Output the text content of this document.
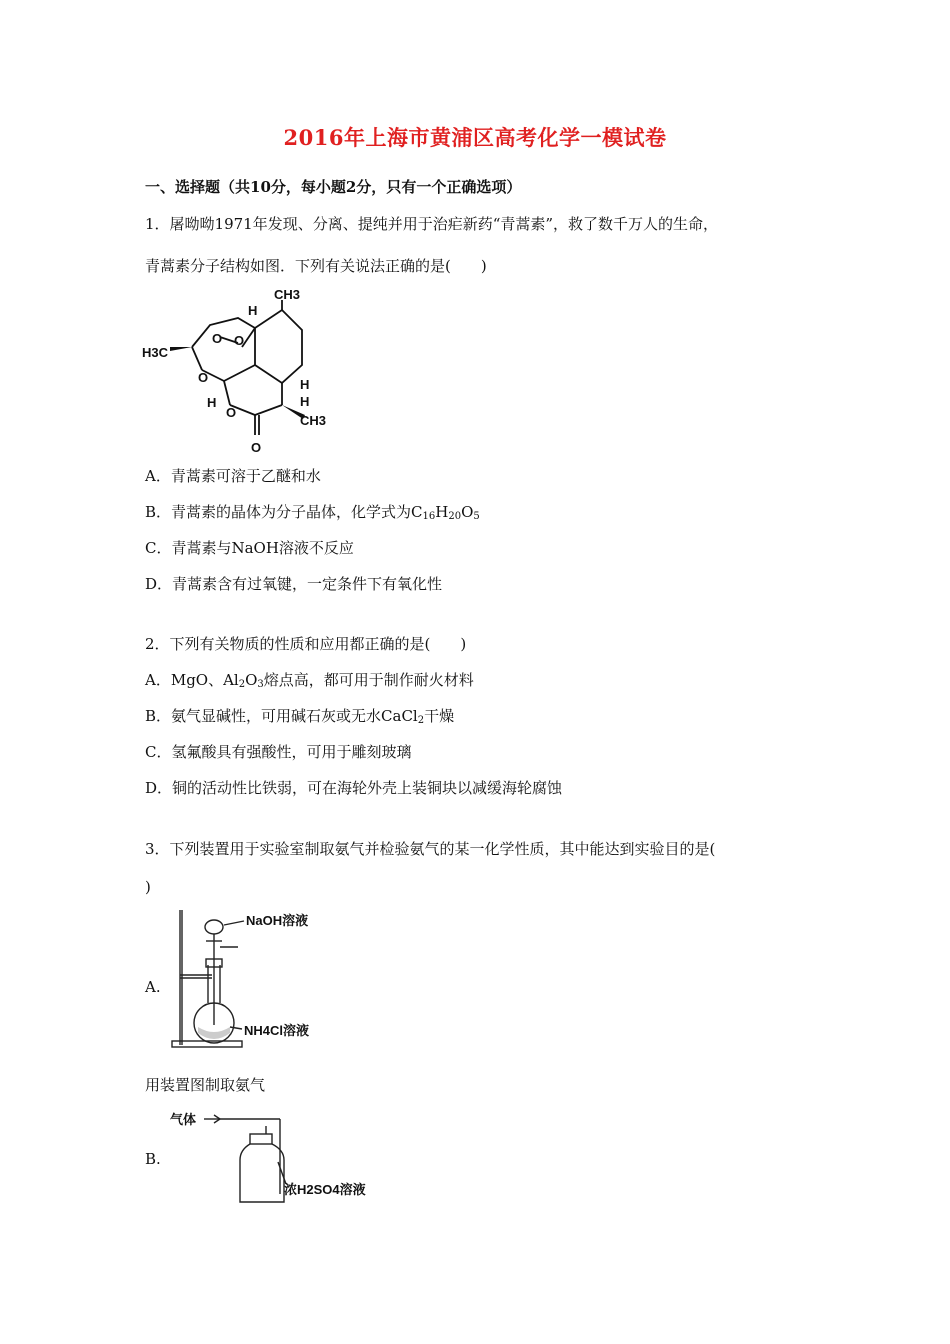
2016年上海市黄浦区高考化学一模试卷
一、选择题（共10分，每小题2分，只有一个正确选项）
1．屠呦呦1971年发现、分离、提纯并用于治疟新药“青蒿素”，救了数千万人的生命，
青蒿素分子结构如图．下列有关说法正确的是(　　)
CH3
H
O O
H3C
O	H
H
H
O
CH3
O
A．青蒿素可溶于乙醚和水
B．青蒿素的晶体为分子晶体，化学式为$C_{16}H_{20}O_5$
C．青蒿素与NaOH溶液不反应
D．青蒿素含有过氧键，一定条件下有氧化性
2．下列有关物质的性质和应用都正确的是(　　)
A．MgO、$Al_2O_3$熔点高，都可用于制作耐火材料
B．氨气显碱性，可用碱石灰或无水CaCl$_2$干燥
C．氢氟酸具有强酸性，可用于雕刻玻璃
D．铜的活动性比铁弱，可在海轮外壳上装铜块以减缓海轮腐蚀
3．下列装置用于实验室制取氨气并检验氨气的某一化学性质，其中能达到实验目的是(
)
A.
NaOH溶液
NH4Cl溶液
用装置图制取氨气
B.
气体
浓H2SO4溶液
